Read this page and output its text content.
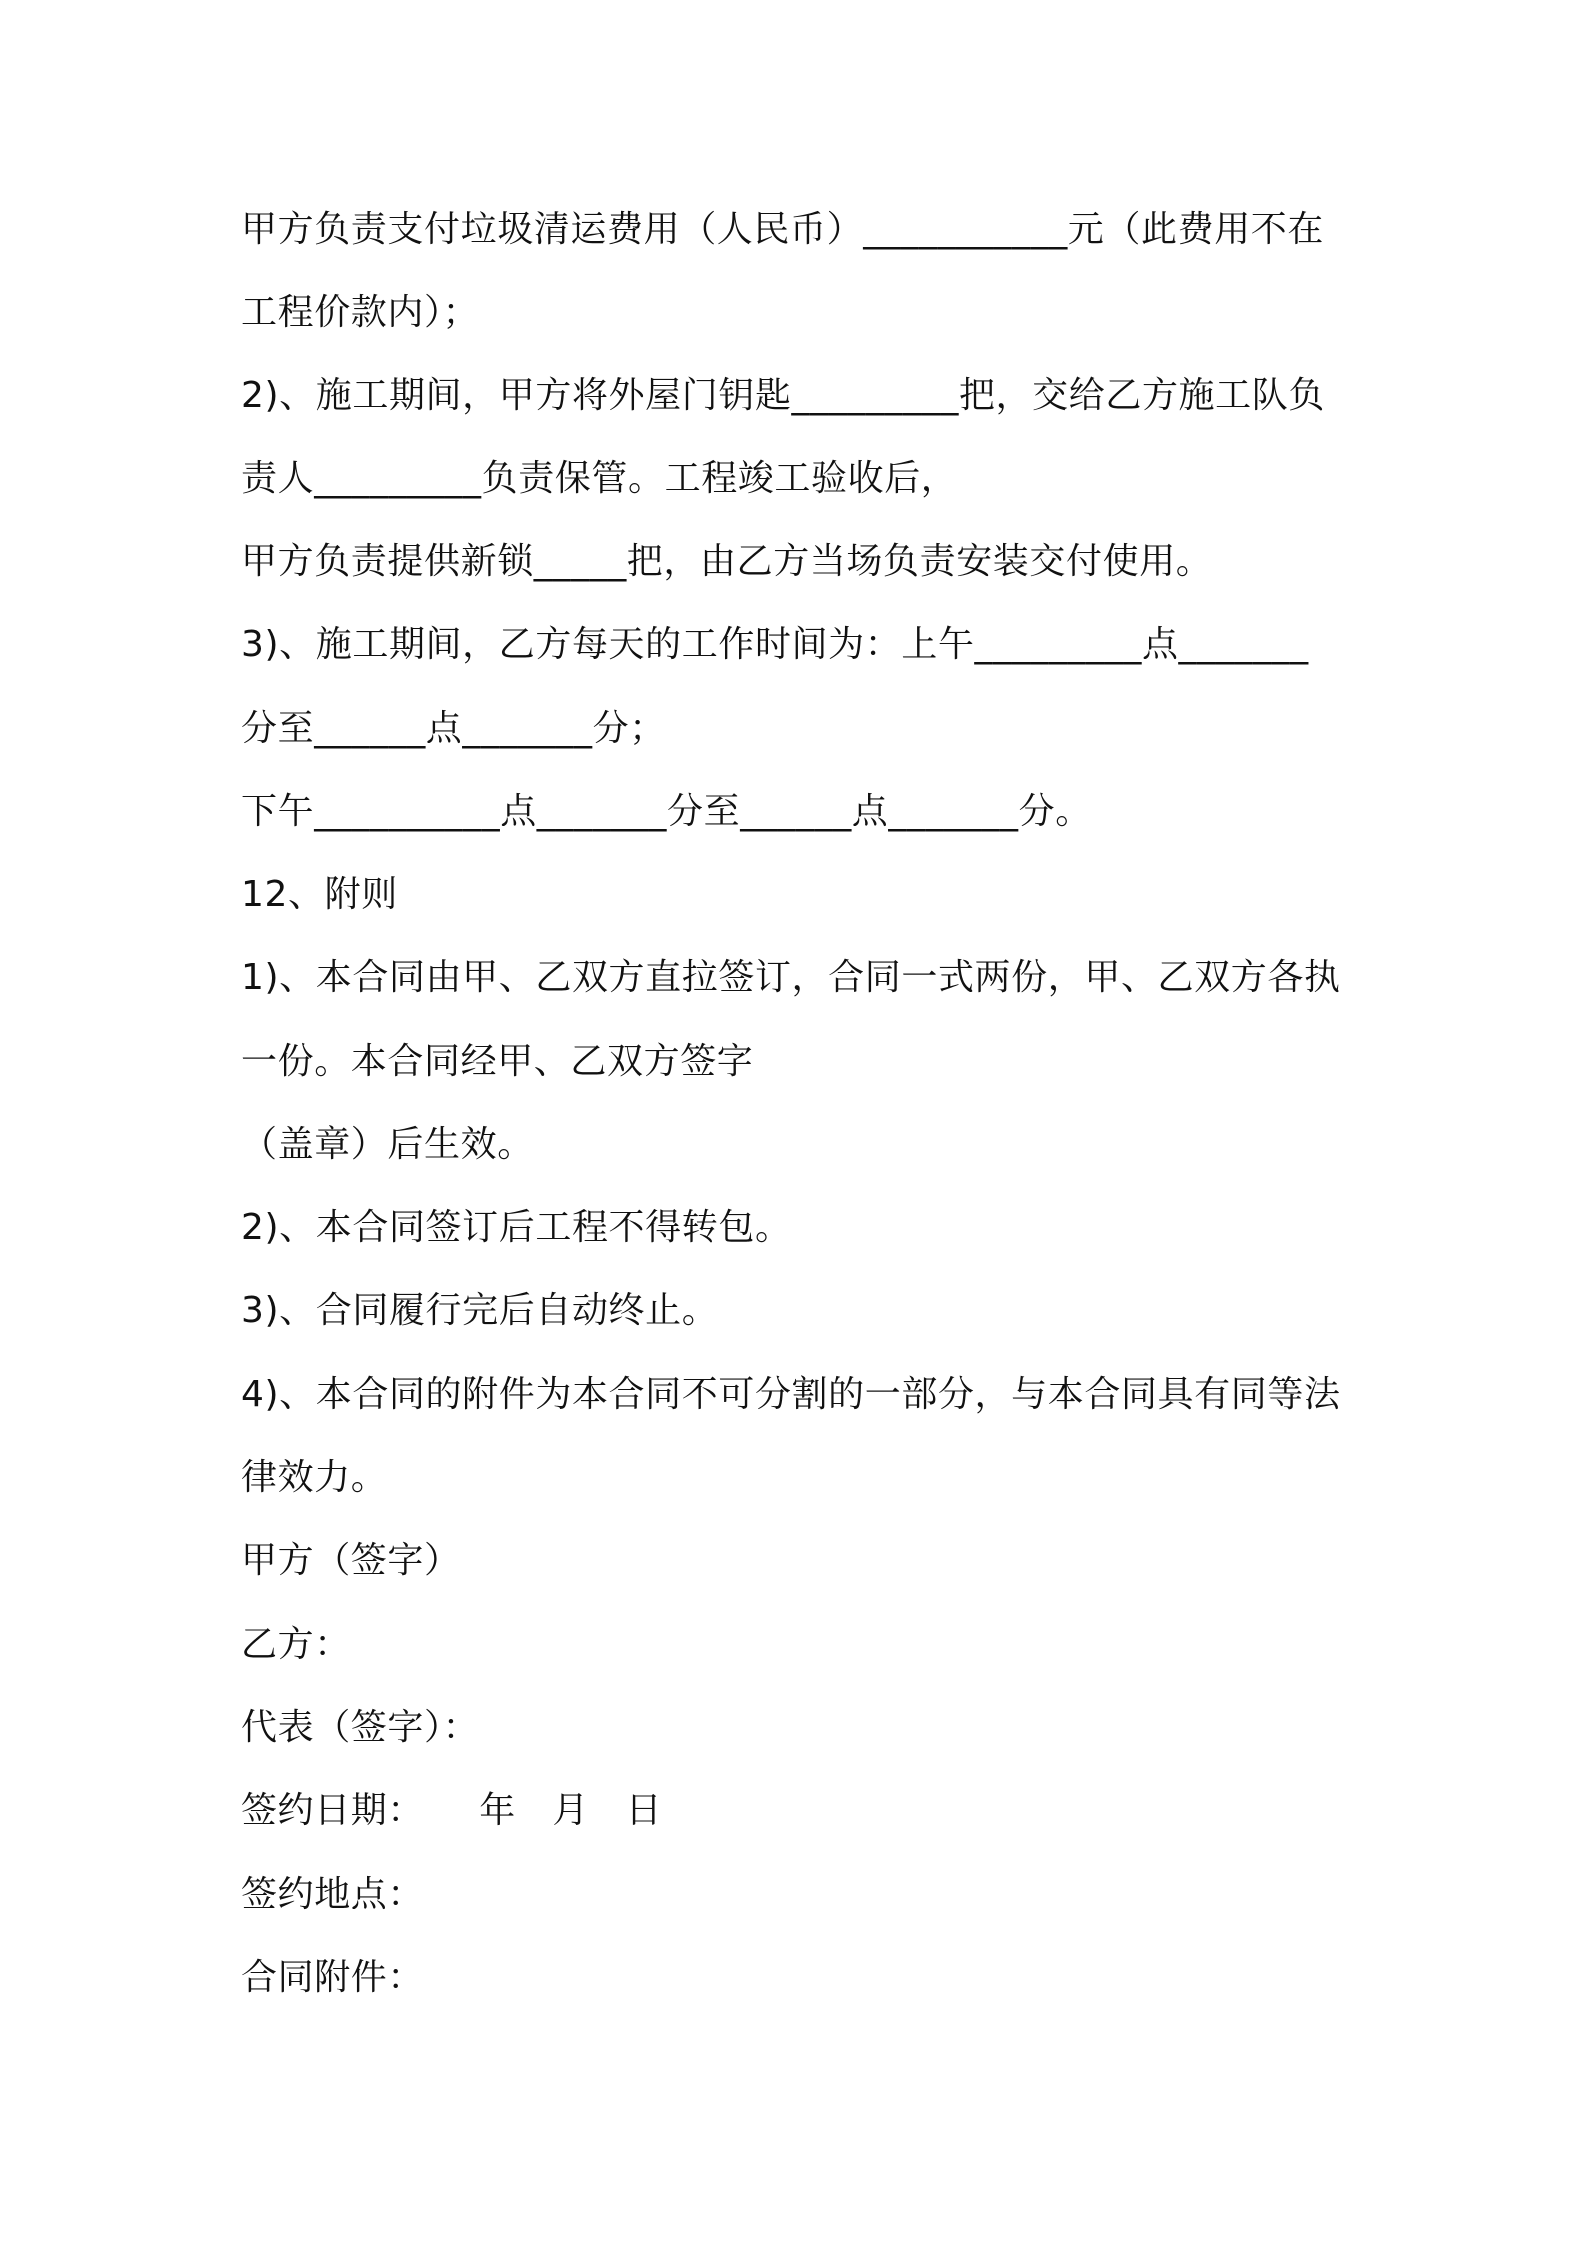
甲方负责支付垃圾清运费用（人民币）___________元（此费用不在
工程价款内）；
2)、施工期间，甲方将外屋门钥匙_________把，交给乙方施工队负
责人_________负责保管。工程竣工验收后，
甲方负责提供新锁_____把，由乙方当场负责安装交付使用。
3)、施工期间，乙方每天的工作时间为：上午_________点_______
分至______点_______分；
下午__________点_______分至______点_______分。
12、附则
1)、本合同由甲、乙双方直拉签订，合同一式两份，甲、乙双方各执
一份。本合同经甲、乙双方签字
（盖章）后生效。
2)、本合同签订后工程不得转包。
3)、合同履行完后自动终止。
4)、本合同的附件为本合同不可分割的一部分，与本合同具有同等法
律效力。
甲方（签字）
乙方：
代表（签字）：
签约日期：　　年　月　日
签约地点：
合同附件：
